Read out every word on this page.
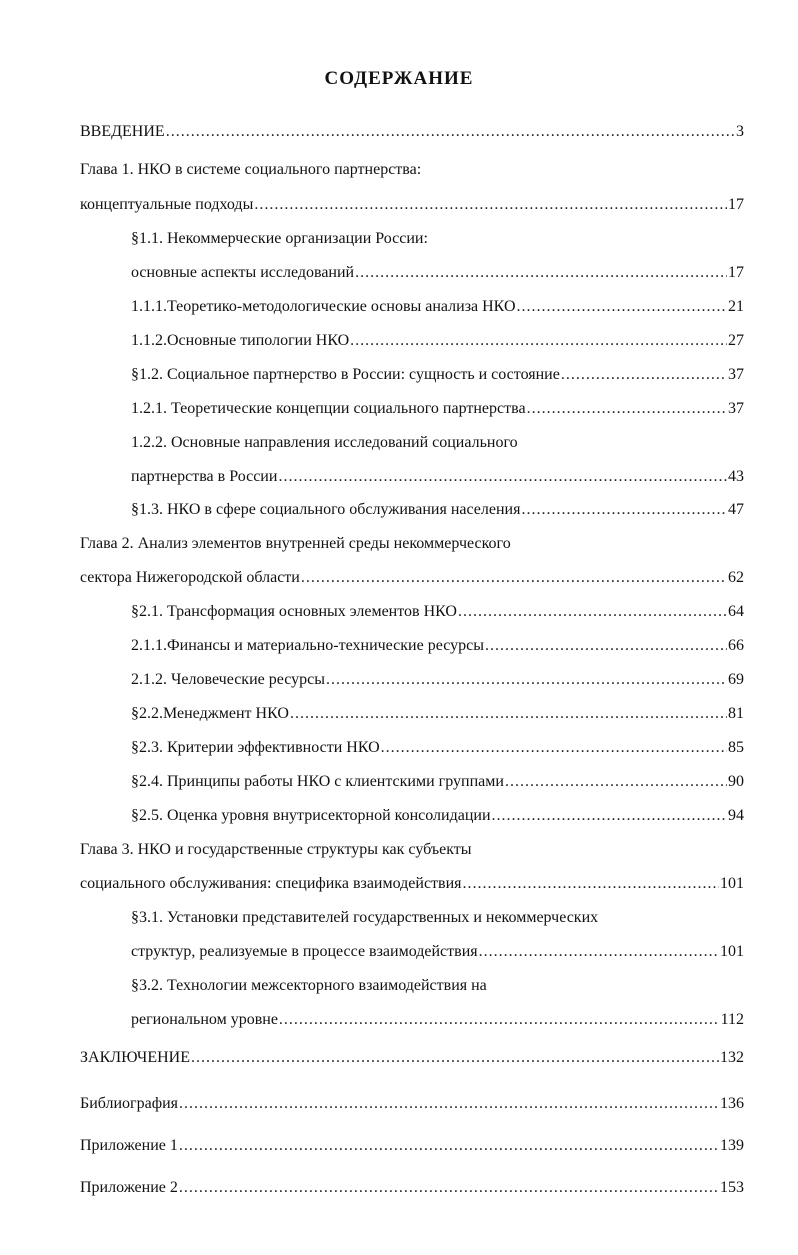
СОДЕРЖАНИЕ
ВВЕДЕНИЕ .....	3
Глава 1. НКО в системе социального партнерства:
концептуальные подходы .....	17
§1.1. Некоммерческие организации России:
основные аспекты исследований .....	17
1.1.1.Теоретико-методологические основы анализа НКО .....	21
1.1.2.Основные типологии НКО .....	27
§1.2. Социальное партнерство в России: сущность и состояние .....	37
1.2.1. Теоретические концепции социального партнерства .....	37
1.2.2. Основные направления исследований социального
партнерства в России .....	43
§1.3. НКО в сфере социального обслуживания населения .....	47
Глава 2. Анализ элементов внутренней среды некоммерческого
сектора Нижегородской области .....	62
§2.1. Трансформация основных элементов НКО .....	64
2.1.1.Финансы и материально-технические ресурсы .....	66
2.1.2. Человеческие ресурсы .....	69
§2.2.Менеджмент НКО .....	81
§2.3. Критерии эффективности НКО .....	85
§2.4. Принципы работы НКО с клиентскими группами .....	90
§2.5. Оценка уровня внутрисекторной консолидации .....	94
Глава 3. НКО и государственные структуры как субъекты
социального обслуживания: специфика взаимодействия .....	101
§3.1. Установки представителей государственных и некоммерческих
структур, реализуемые в процессе взаимодействия .....	101
§3.2. Технологии межсекторного взаимодействия на
региональном уровне .....	112
ЗАКЛЮЧЕНИЕ .....	132
Библиография .....	136
Приложение 1 .....	139
Приложение 2 .....	153
